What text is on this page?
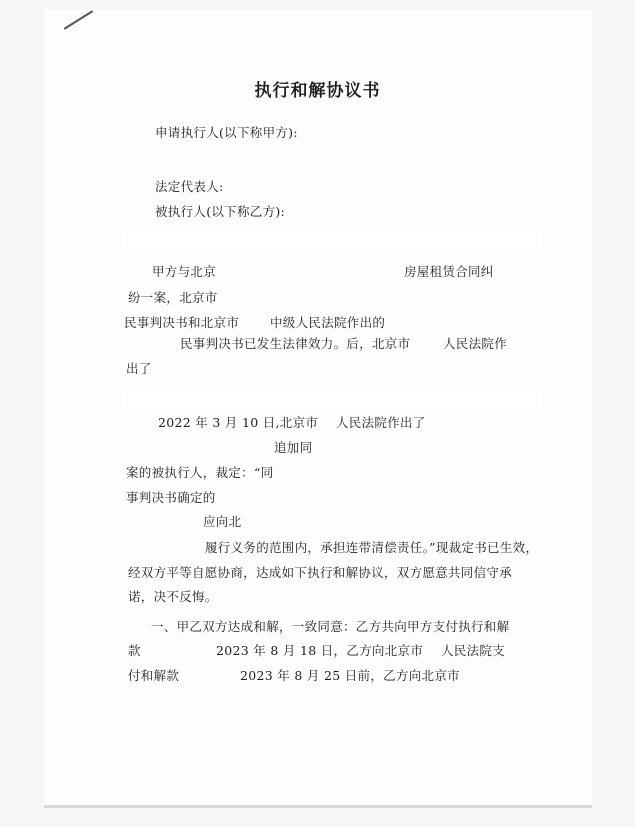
执行和解协议书
申请执行人(以下称甲方):
法定代表人:
被执行人(以下称乙方):
甲方与北京	房屋租赁合同纠
纷一案，北京市
民事判决书和北京市 中级人民法院作出的
民事判决书已发生法律效力。后，北京市	人民法院作
出了
2022 年 3 月 10 日,北京市 人民法院作出了
追加同
案的被执行人，裁定：“同
事判决书确定的
应向北
履行义务的范围内，承担连带清偿责任。”现裁定书已生效，
经双方平等自愿协商，达成如下执行和解协议，双方愿意共同信守承
诺，决不反悔。
一、甲乙双方达成和解，一致同意：乙方共向甲方支付执行和解
款	2023 年 8 月 18 日，乙方向北京市 人民法院支
付和解款	2023 年 8 月 25 日前，乙方向北京市
